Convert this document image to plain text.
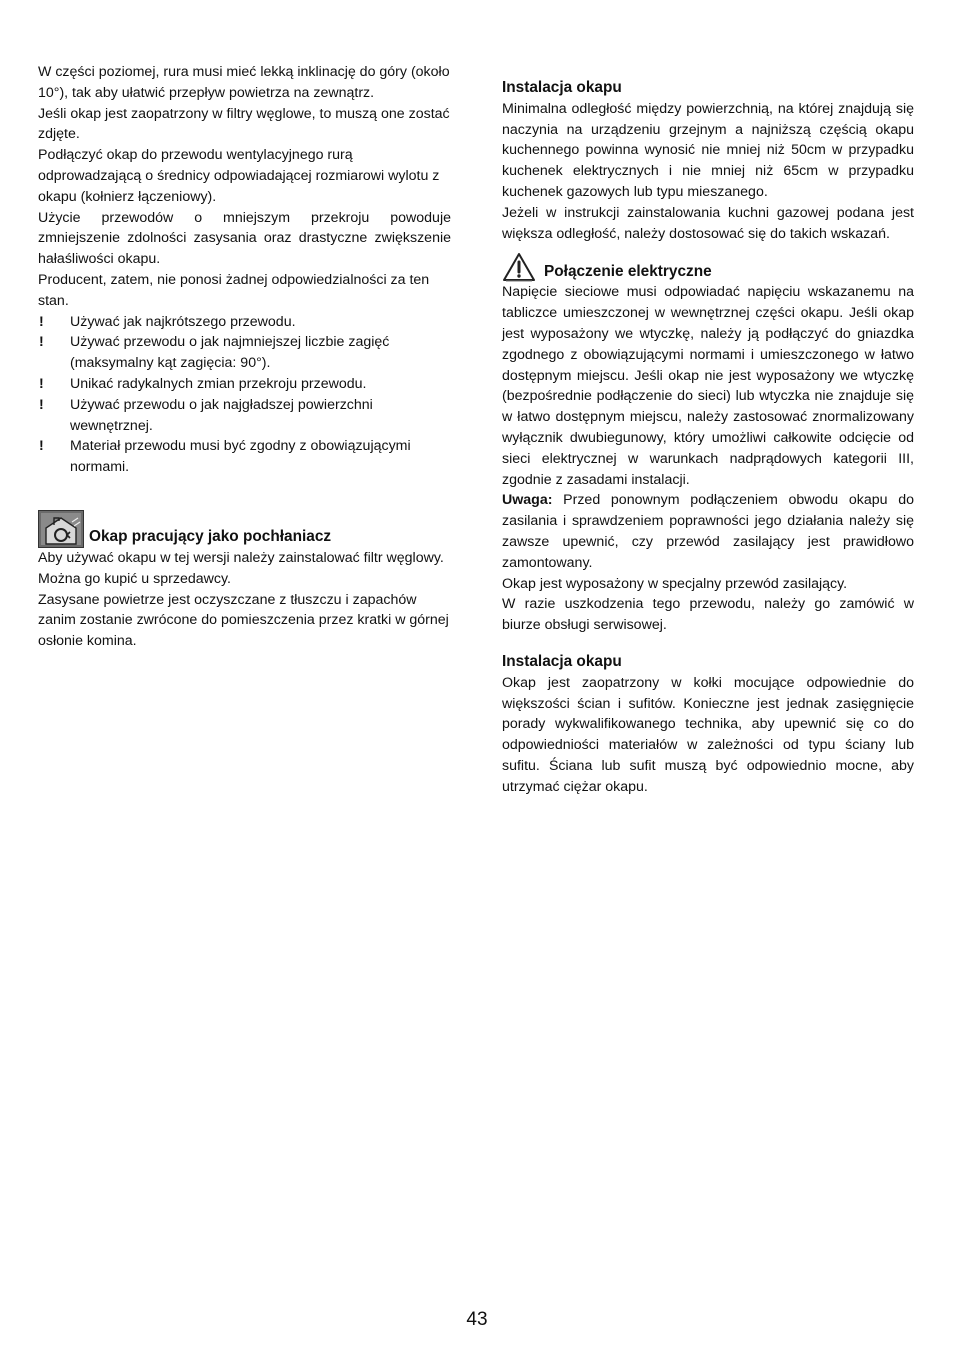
W części poziomej, rura musi mieć lekką inklinację do góry (około 10°), tak aby ułatwić przepływ powietrza na zewnątrz.

Jeśli okap jest zaopatrzony w filtry węglowe, to muszą one zostać zdjęte.

Podłączyć okap do przewodu wentylacyjnego rurą odprowadzającą o średnicy odpowiadającej rozmiarowi wylotu z okapu (kołnierz łączeniowy).

Użycie przewodów o mniejszym przekroju powoduje zmniejszenie zdolności zasysania oraz drastyczne zwiększenie hałaśliwości okapu.

Producent, zatem, nie ponosi żadnej odpowiedzialności za ten stan.

! Używać jak najkrótszego przewodu.
! Używać przewodu o jak najmniejszej liczbie zagięć (maksymalny kąt zagięcia: 90°).
! Unikać radykalnych zmian przekroju przewodu.
! Używać przewodu o jak najgładszej powierzchni wewnętrznej.
! Materiał przewodu musi być zgodny z obowiązującymi normami.
Okap pracujący jako pochłaniacz

Aby używać okapu w tej wersji należy zainstalować filtr węglowy.

Można go kupić u sprzedawcy.

Zasysane powietrze jest oczyszczane z tłuszczu i zapachów zanim zostanie zwrócone do pomieszczenia przez kratki w górnej osłonie komina.

Instalacja okapu

Minimalna odległość między powierzchnią, na której znajdują się naczynia na urządzeniu grzejnym a najniższą częścią okapu kuchennego powinna wynosić nie mniej niż 50cm w przypadku kuchenek elektrycznych i nie mniej niż 65cm w przypadku kuchenek gazowych lub typu mieszanego.

Jeżeli w instrukcji zainstalowania kuchni gazowej podana jest większa odległość, należy dostosować się do takich wskazań.

Połączenie elektryczne

Napięcie sieciowe musi odpowiadać napięciu wskazanemu na tabliczce umieszczonej w wewnętrznej części okapu. Jeśli okap jest wyposażony we wtyczkę, należy ją podłączyć do gniazdka zgodnego z obowiązującymi normami i umieszczonego w łatwo dostępnym miejscu. Jeśli okap nie jest wyposażony we wtyczkę (bezpośrednie podłączenie do sieci) lub wtyczka nie znajduje się w łatwo dostępnym miejscu, należy zastosować znormalizowany wyłącznik dwubiegunowy, który umożliwi całkowite odcięcie od sieci elektrycznej w warunkach nadprądowych kategorii III, zgodnie z zasadami instalacji.

Uwaga: Przed ponownym podłączeniem obwodu okapu do zasilania i sprawdzeniem poprawności jego działania należy się zawsze upewnić, czy przewód zasilający jest prawidłowo zamontowany.

Okap jest wyposażony w specjalny przewód zasilający.

W razie uszkodzenia tego przewodu, należy go zamówić w biurze obsługi serwisowej.

Instalacja okapu

Okap jest zaopatrzony w kołki mocujące odpowiednie do większości ścian i sufitów. Konieczne jest jednak zasięgnięcie porady wykwalifikowanego technika, aby upewnić się co do odpowiedniości materiałów w zależności od typu ściany lub sufitu. Ściana lub sufit muszą być odpowiednio mocne, aby utrzymać ciężar okapu.

43
